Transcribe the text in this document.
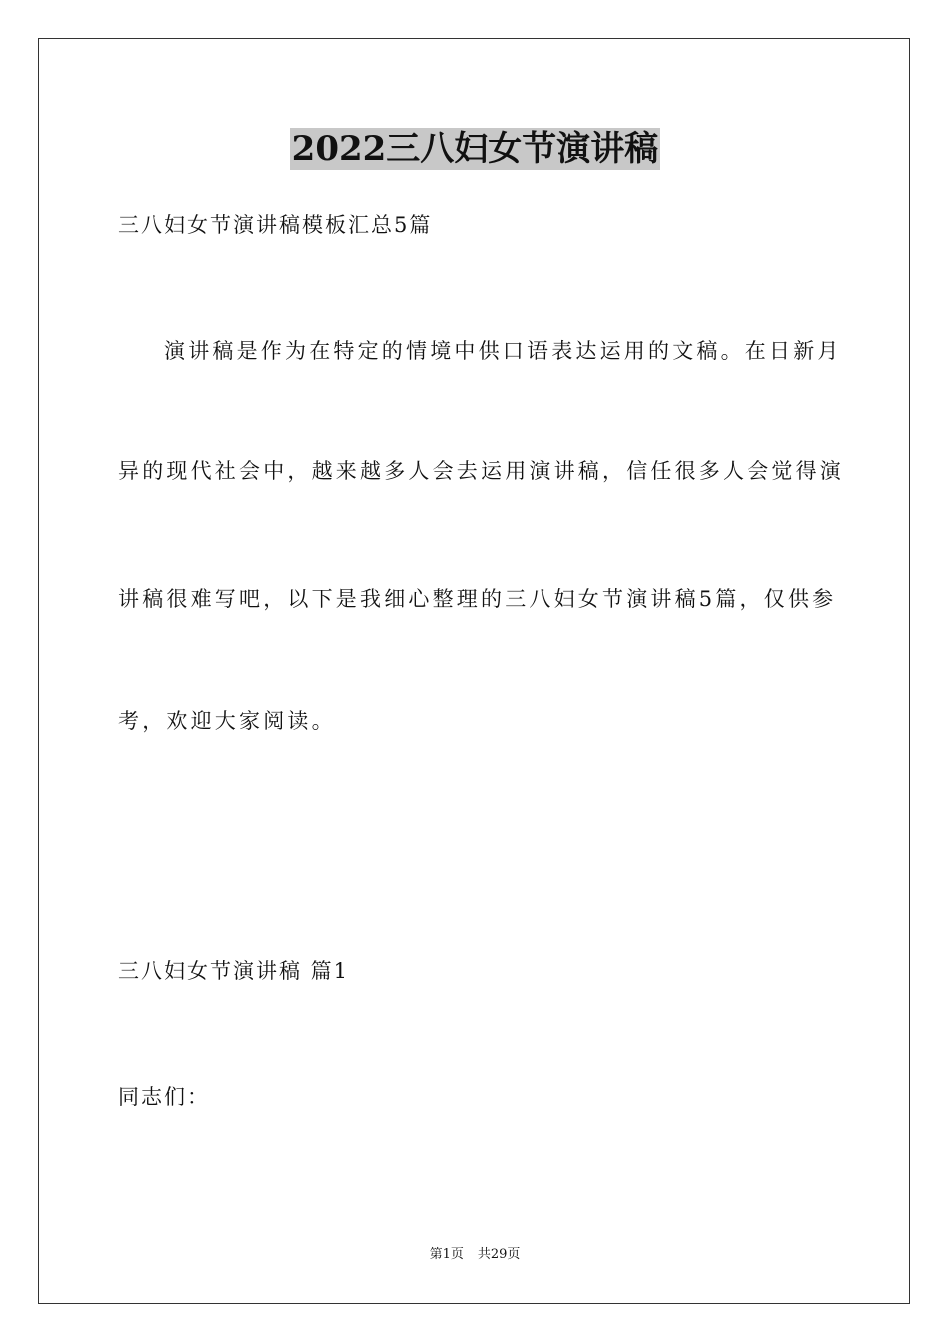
2022三八妇女节演讲稿
三八妇女节演讲稿模板汇总5篇
演讲稿是作为在特定的情境中供口语表达运用的文稿。在日新月
异的现代社会中，越来越多人会去运用演讲稿，信任很多人会觉得演
讲稿很难写吧，以下是我细心整理的三八妇女节演讲稿5篇，仅供参
考，欢迎大家阅读。
三八妇女节演讲稿 篇1
同志们：
第1页 共29页
